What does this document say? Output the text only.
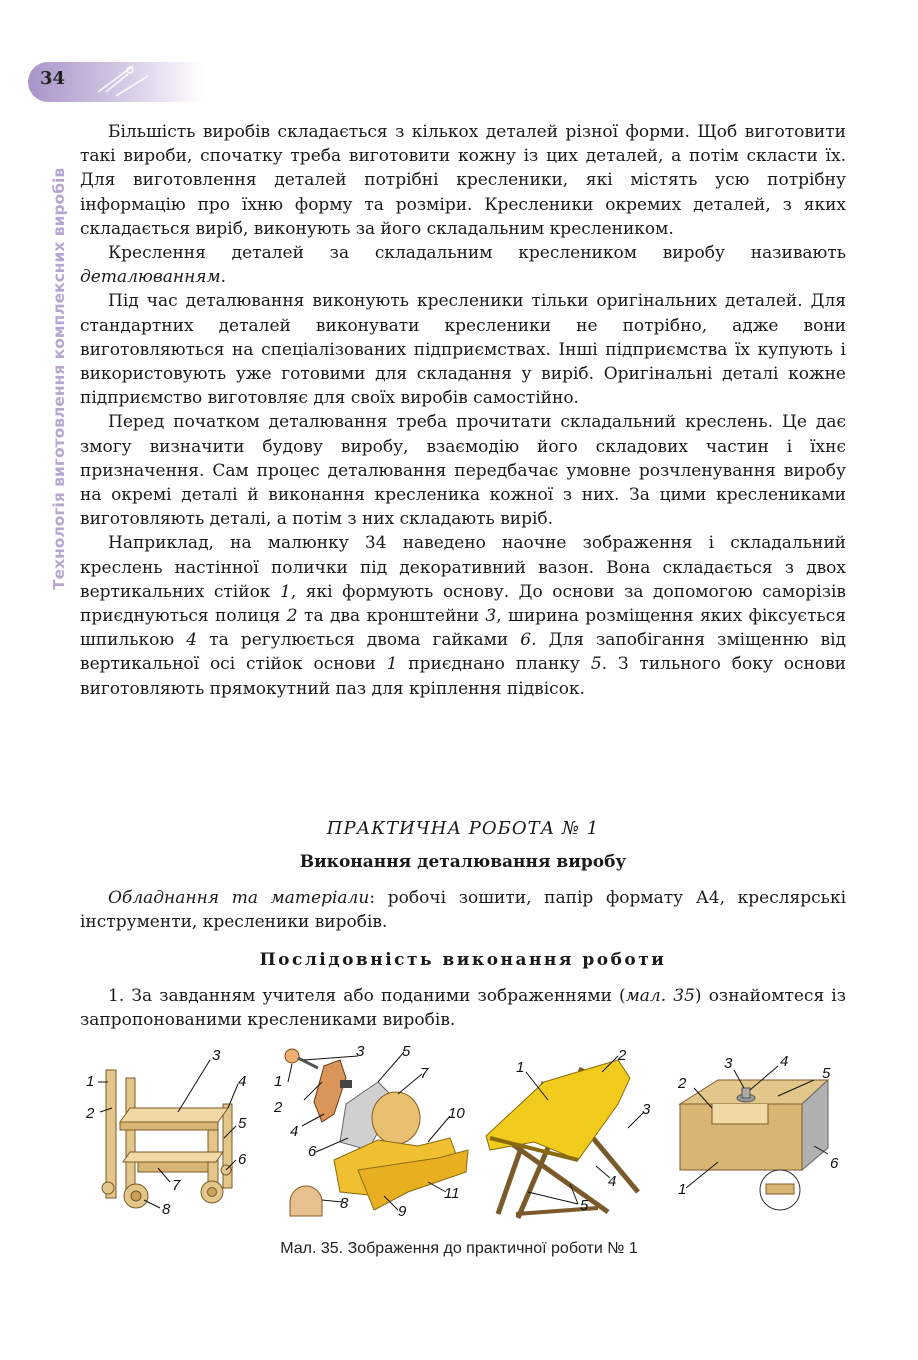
34
Технологія виготовлення комплексних виробів

Більшість виробів складається з кількох деталей різної форми. Щоб виготовити такі вироби, спочатку треба виготовити кожну із цих деталей, а потім скласти їх. Для виготовлення деталей потрібні кресленики, які містять усю потрібну інформацію про їхню форму та розміри. Кресленики окремих деталей, з яких складається виріб, виконують за його складальним креслеником.

Креслення деталей за складальним креслеником виробу називають деталюванням.

Під час деталювання виконують кресленики тільки оригінальних деталей. Для стандартних деталей виконувати кресленики не потрібно, адже вони виготовляються на спеціалізованих підприємствах. Інші підприємства їх купують і використовують уже готовими для складання у виріб. Оригінальні деталі кожне підприємство виготовляє для своїх виробів самостійно.

Перед початком деталювання треба прочитати складальний креслень. Це дає змогу визначити будову виробу, взаємодію його складових частин і їхнє призначення. Сам процес деталювання передбачає умовне розчленування виробу на окремі деталі й виконання кресленика кожної з них. За цими креслениками виготовляють деталі, а потім з них складають виріб.

Наприклад, на малюнку 34 наведено наочне зображення і складальний креслень настінної полички під декоративний вазон. Вона складається з двох вертикальних стійок 1, які формують основу. До основи за допомогою саморізів приєднуються полиця 2 та два кронштейни 3, ширина розміщення яких фіксується шпилькою 4 та регулюється двома гайками 6. Для запобігання зміщенню від вертикальної осі стійок основи 1 приєднано планку 5. З тильного боку основи виготовляють прямокутний паз для кріплення підвісок.

ПРАКТИЧНА РОБОТА № 1
Виконання деталювання виробу

Обладнання та матеріали: робочі зошити, папір формату А4, креслярські інструменти, кресленики виробів.

Послідовність виконання роботи

1. За завданням учителя або поданими зображеннями (мал. 35) ознайомтеся із запропонованими креслениками виробів.

1
2
3
4
5
6
7
8
1
2
3
4
5
6
7
8	9
10
11
1
2
3
4
5
2
3	4
5
6
1
Мал. 35. Зображення до практичної роботи № 1
